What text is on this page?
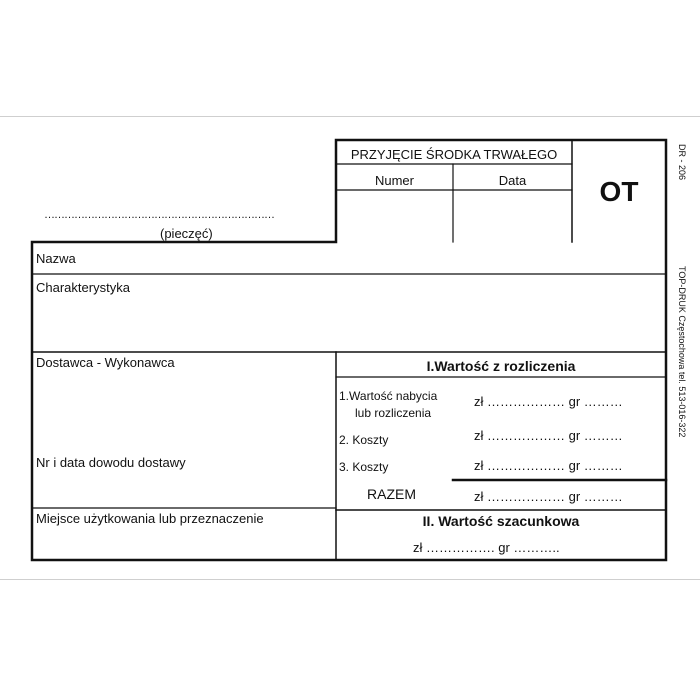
……………………………………………………………
(pieczęć)
PRZYJĘCIE ŚRODKA TRWAŁEGO
Numer	Data	OT
Nazwa
Charakterystyka
Dostawca - Wykonawca
Nr i data dowodu dostawy
Miejsce użytkowania lub przeznaczenie
I.Wartość z rozliczenia
1.Wartość nabycia
lub rozliczenia
zł ……………… gr ………
2. Koszty	zł ……………… gr ………
3. Koszty	zł ……………… gr ………
RAZEM	zł ……………… gr ………
II. Wartość szacunkowa
zł ……………. gr ………..
DR - 206
TOP-DRUK Częstochowa tel. 513-016-322
